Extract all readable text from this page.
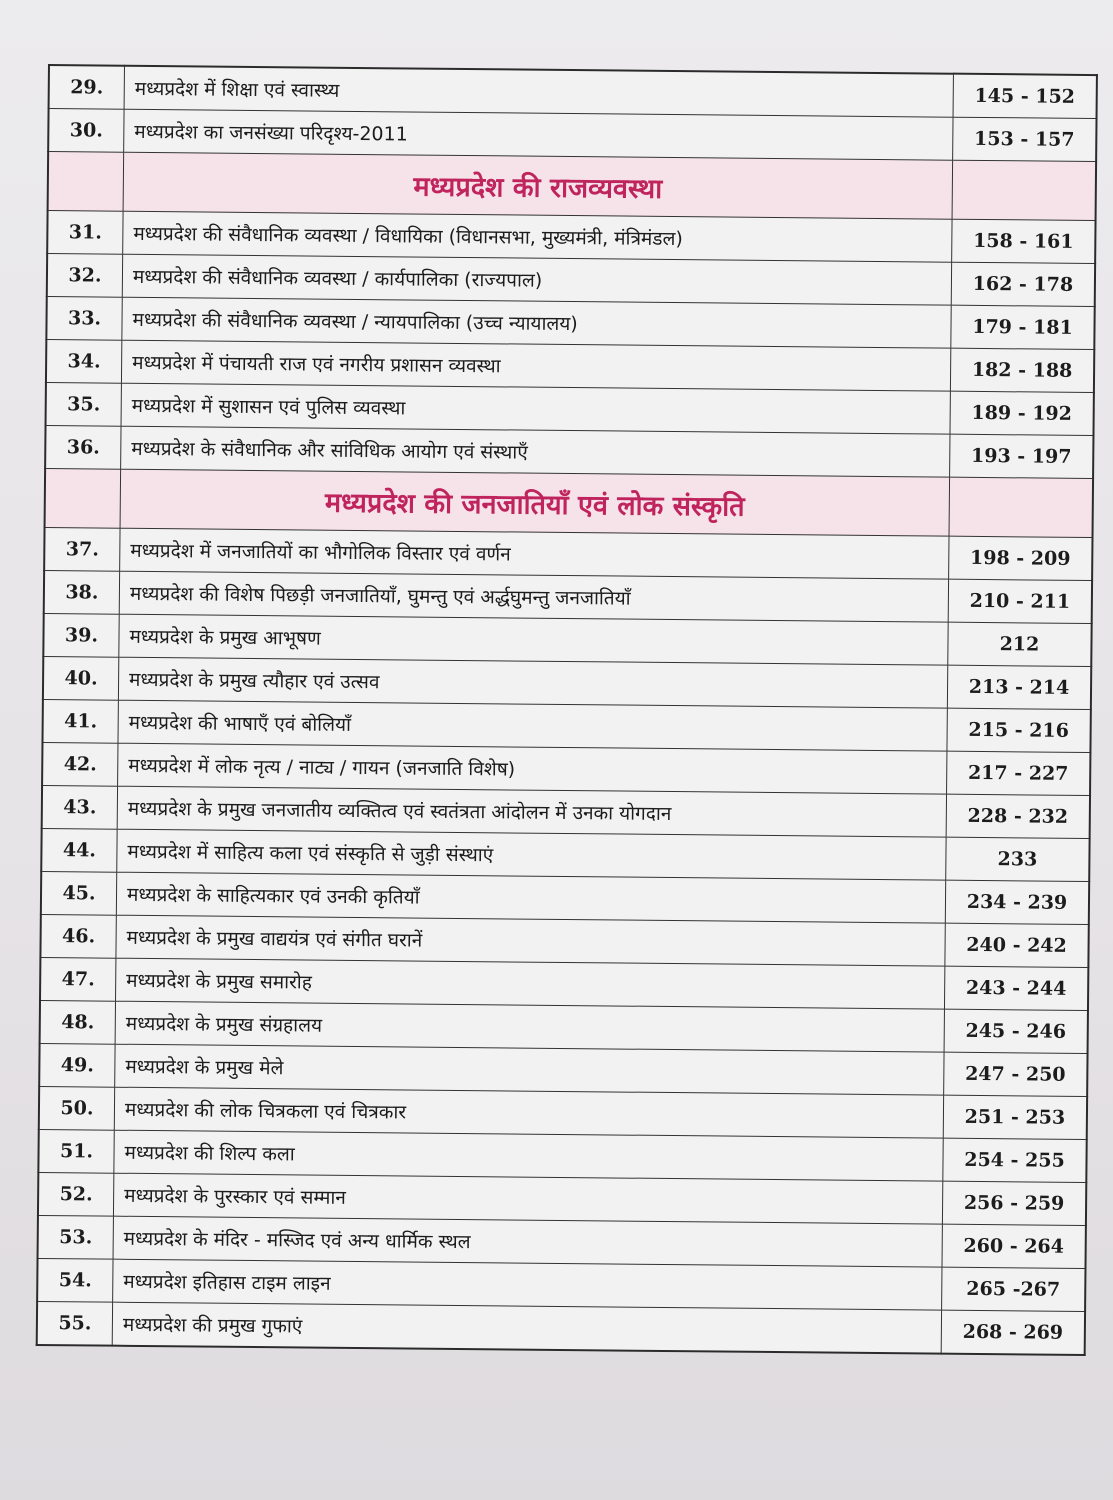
29.	मध्यप्रदेश में शिक्षा एवं स्वास्थ्य	145 - 152
30.	मध्यप्रदेश का जनसंख्या परिदृश्य-2011	153 - 157
	मध्यप्रदेश की राजव्यवस्था	
31.	मध्यप्रदेश की संवैधानिक व्यवस्था / विधायिका (विधानसभा, मुख्यमंत्री, मंत्रिमंडल)	158 - 161
32.	मध्यप्रदेश की संवैधानिक व्यवस्था / कार्यपालिका (राज्यपाल)	162 - 178
33.	मध्यप्रदेश की संवैधानिक व्यवस्था / न्यायपालिका (उच्च न्यायालय)	179 - 181
34.	मध्यप्रदेश में पंचायती राज एवं नगरीय प्रशासन व्यवस्था	182 - 188
35.	मध्यप्रदेश में सुशासन एवं पुलिस व्यवस्था	189 - 192
36.	मध्यप्रदेश के संवैधानिक और सांविधिक आयोग एवं संस्थाएँ	193 - 197
	मध्यप्रदेश की जनजातियाँ एवं लोक संस्कृति	
37.	मध्यप्रदेश में जनजातियों का भौगोलिक विस्तार एवं वर्णन	198 - 209
38.	मध्यप्रदेश की विशेष पिछड़ी जनजातियाँ, घुमन्तु एवं अर्द्धघुमन्तु जनजातियाँ	210 - 211
39.	मध्यप्रदेश के प्रमुख आभूषण	212
40.	मध्यप्रदेश के प्रमुख त्यौहार एवं उत्सव	213 - 214
41.	मध्यप्रदेश की भाषाएँ एवं बोलियाँ	215 - 216
42.	मध्यप्रदेश में लोक नृत्य / नाट्य / गायन (जनजाति विशेष)	217 - 227
43.	मध्यप्रदेश के प्रमुख जनजातीय व्यक्तित्व एवं स्वतंत्रता आंदोलन में उनका योगदान	228 - 232
44.	मध्यप्रदेश में साहित्य कला एवं संस्कृति से जुड़ी संस्थाएं	233
45.	मध्यप्रदेश के साहित्यकार एवं उनकी कृतियाँ	234 - 239
46.	मध्यप्रदेश के प्रमुख वाद्ययंत्र एवं संगीत घरानें	240 - 242
47.	मध्यप्रदेश के प्रमुख समारोह	243 - 244
48.	मध्यप्रदेश के प्रमुख संग्रहालय	245 - 246
49.	मध्यप्रदेश के प्रमुख मेले	247 - 250
50.	मध्यप्रदेश की लोक चित्रकला एवं चित्रकार	251 - 253
51.	मध्यप्रदेश की शिल्प कला	254 - 255
52.	मध्यप्रदेश के पुरस्कार एवं सम्मान	256 - 259
53.	मध्यप्रदेश के मंदिर - मस्जिद एवं अन्य धार्मिक स्थल	260 - 264
54.	मध्यप्रदेश इतिहास टाइम लाइन	265 -267
55.	मध्यप्रदेश की प्रमुख गुफाएं	268 - 269
